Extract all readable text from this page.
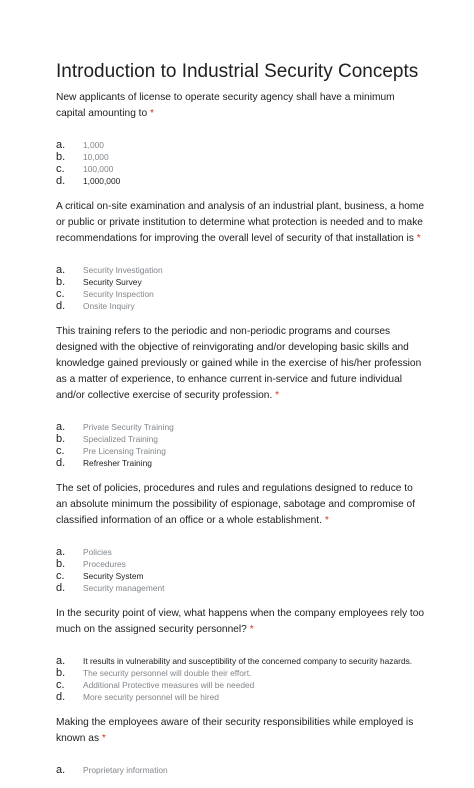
Introduction to Industrial Security Concepts

New applicants of license to operate security agency shall have a minimum capital amounting to *

a.	1,000
b.	10,000
c.	100,000
d.	1,000,000

A critical on-site examination and analysis of an industrial plant, business, a home or public or private institution to determine what protection is needed and to make recommendations for improving the overall level of security of that installation is *

a.	Security Investigation
b.	Security Survey
c.	Security Inspection
d.	Onsite Inquiry

This training refers to the periodic and non-periodic programs and courses designed with the objective of reinvigorating and/or developing basic skills and knowledge gained previously or gained while in the exercise of his/her profession as a matter of experience, to enhance current in-service and future individual and/or collective exercise of security profession. *

a.	Private Security Training
b.	Specialized Training
c.	Pre Licensing Training
d.	Refresher Training

The set of policies, procedures and rules and regulations designed to reduce to an absolute minimum the possibility of espionage, sabotage and compromise of classified information of an office or a whole establishment. *

a.	Policies
b.	Procedures
c.	Security System
d.	Security management

In the security point of view, what happens when the company employees rely too much on the assigned security personnel? *

a.	It results in vulnerability and susceptibility of the concerned company to security hazards.
b.	The security personnel will double their effort.
c.	Additional Protective measures will be needed
d.	More security personnel will be hired

Making the employees aware of their security responsibilities while employed is known as *

a.	Proprietary information
